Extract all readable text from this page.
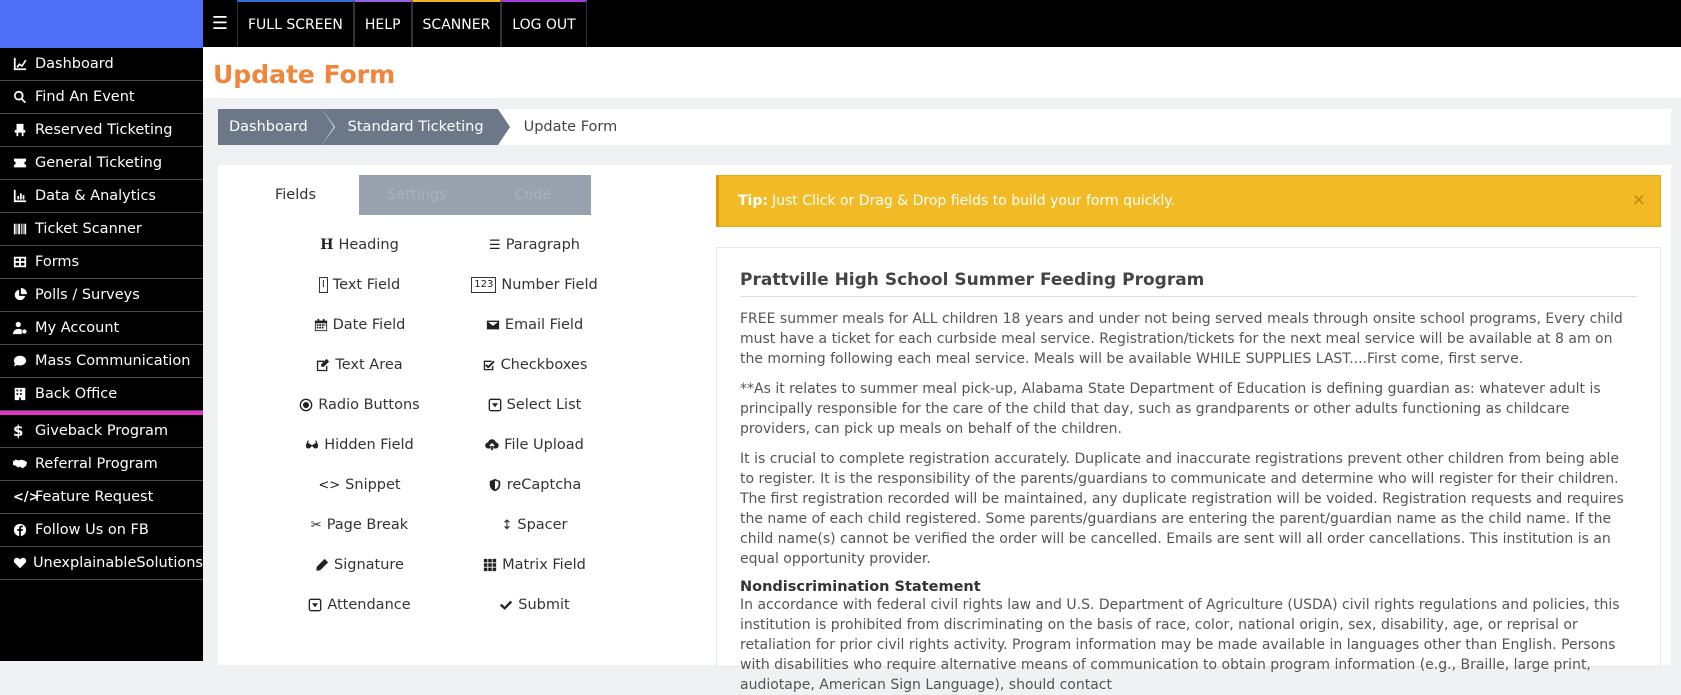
Dashboard
Find An Event
Reserved Ticketing
General Ticketing
Data & Analytics
Ticket Scanner
Forms
Polls / Surveys
My Account
Mass Communication
Back Office
$ Giveback Program
Referral Program
</>
Feature Request
Follow Us on FB
UnexplainableSolutions
☰	FULL SCREEN	HELP	SCANNER	LOG OUT
Update Form
Dashboard	Standard Ticketing	Update Form
Fields	Settings	Code
H Heading	☰ Paragraph
I Text Field	123 Number Field
Date Field	Email Field
Text Area	Checkboxes
Radio Buttons	Select List
Hidden Field	File Upload
<> Snippet	reCaptcha
✂ Page Break	↕ Spacer
Signature	Matrix Field
Attendance	Submit
Tip: Just Click or Drag & Drop fields to build your form quickly.	×
Prattville High School Summer Feeding Program

FREE summer meals for ALL children 18 years and under not being served meals through onsite school programs, Every child must have a ticket for each curbside meal service. Registration/tickets for the next meal service will be available at 8 am on the morning following each meal service. Meals will be available WHILE SUPPLIES LAST....First come, first serve.

**As it relates to summer meal pick-up, Alabama State Department of Education is defining guardian as: whatever adult is principally responsible for the care of the child that day, such as grandparents or other adults functioning as childcare providers, can pick up meals on behalf of the children.

It is crucial to complete registration accurately. Duplicate and inaccurate registrations prevent other children from being able to register. It is the responsibility of the parents/guardians to communicate and determine who will register for their children. The first registration recorded will be maintained, any duplicate registration will be voided. Registration requests and requires the name of each child registered. Some parents/guardians are entering the parent/guardian name as the child name. If the child name(s) cannot be verified the order will be cancelled. Emails are sent will all order cancellations. This institution is an equal opportunity provider.

Nondiscrimination Statement

In accordance with federal civil rights law and U.S. Department of Agriculture (USDA) civil rights regulations and policies, this institution is prohibited from discriminating on the basis of race, color, national origin, sex, disability, age, or reprisal or retaliation for prior civil rights activity. Program information may be made available in languages other than English. Persons with disabilities who require alternative means of communication to obtain program information (e.g., Braille, large print, audiotape, American Sign Language), should contact
